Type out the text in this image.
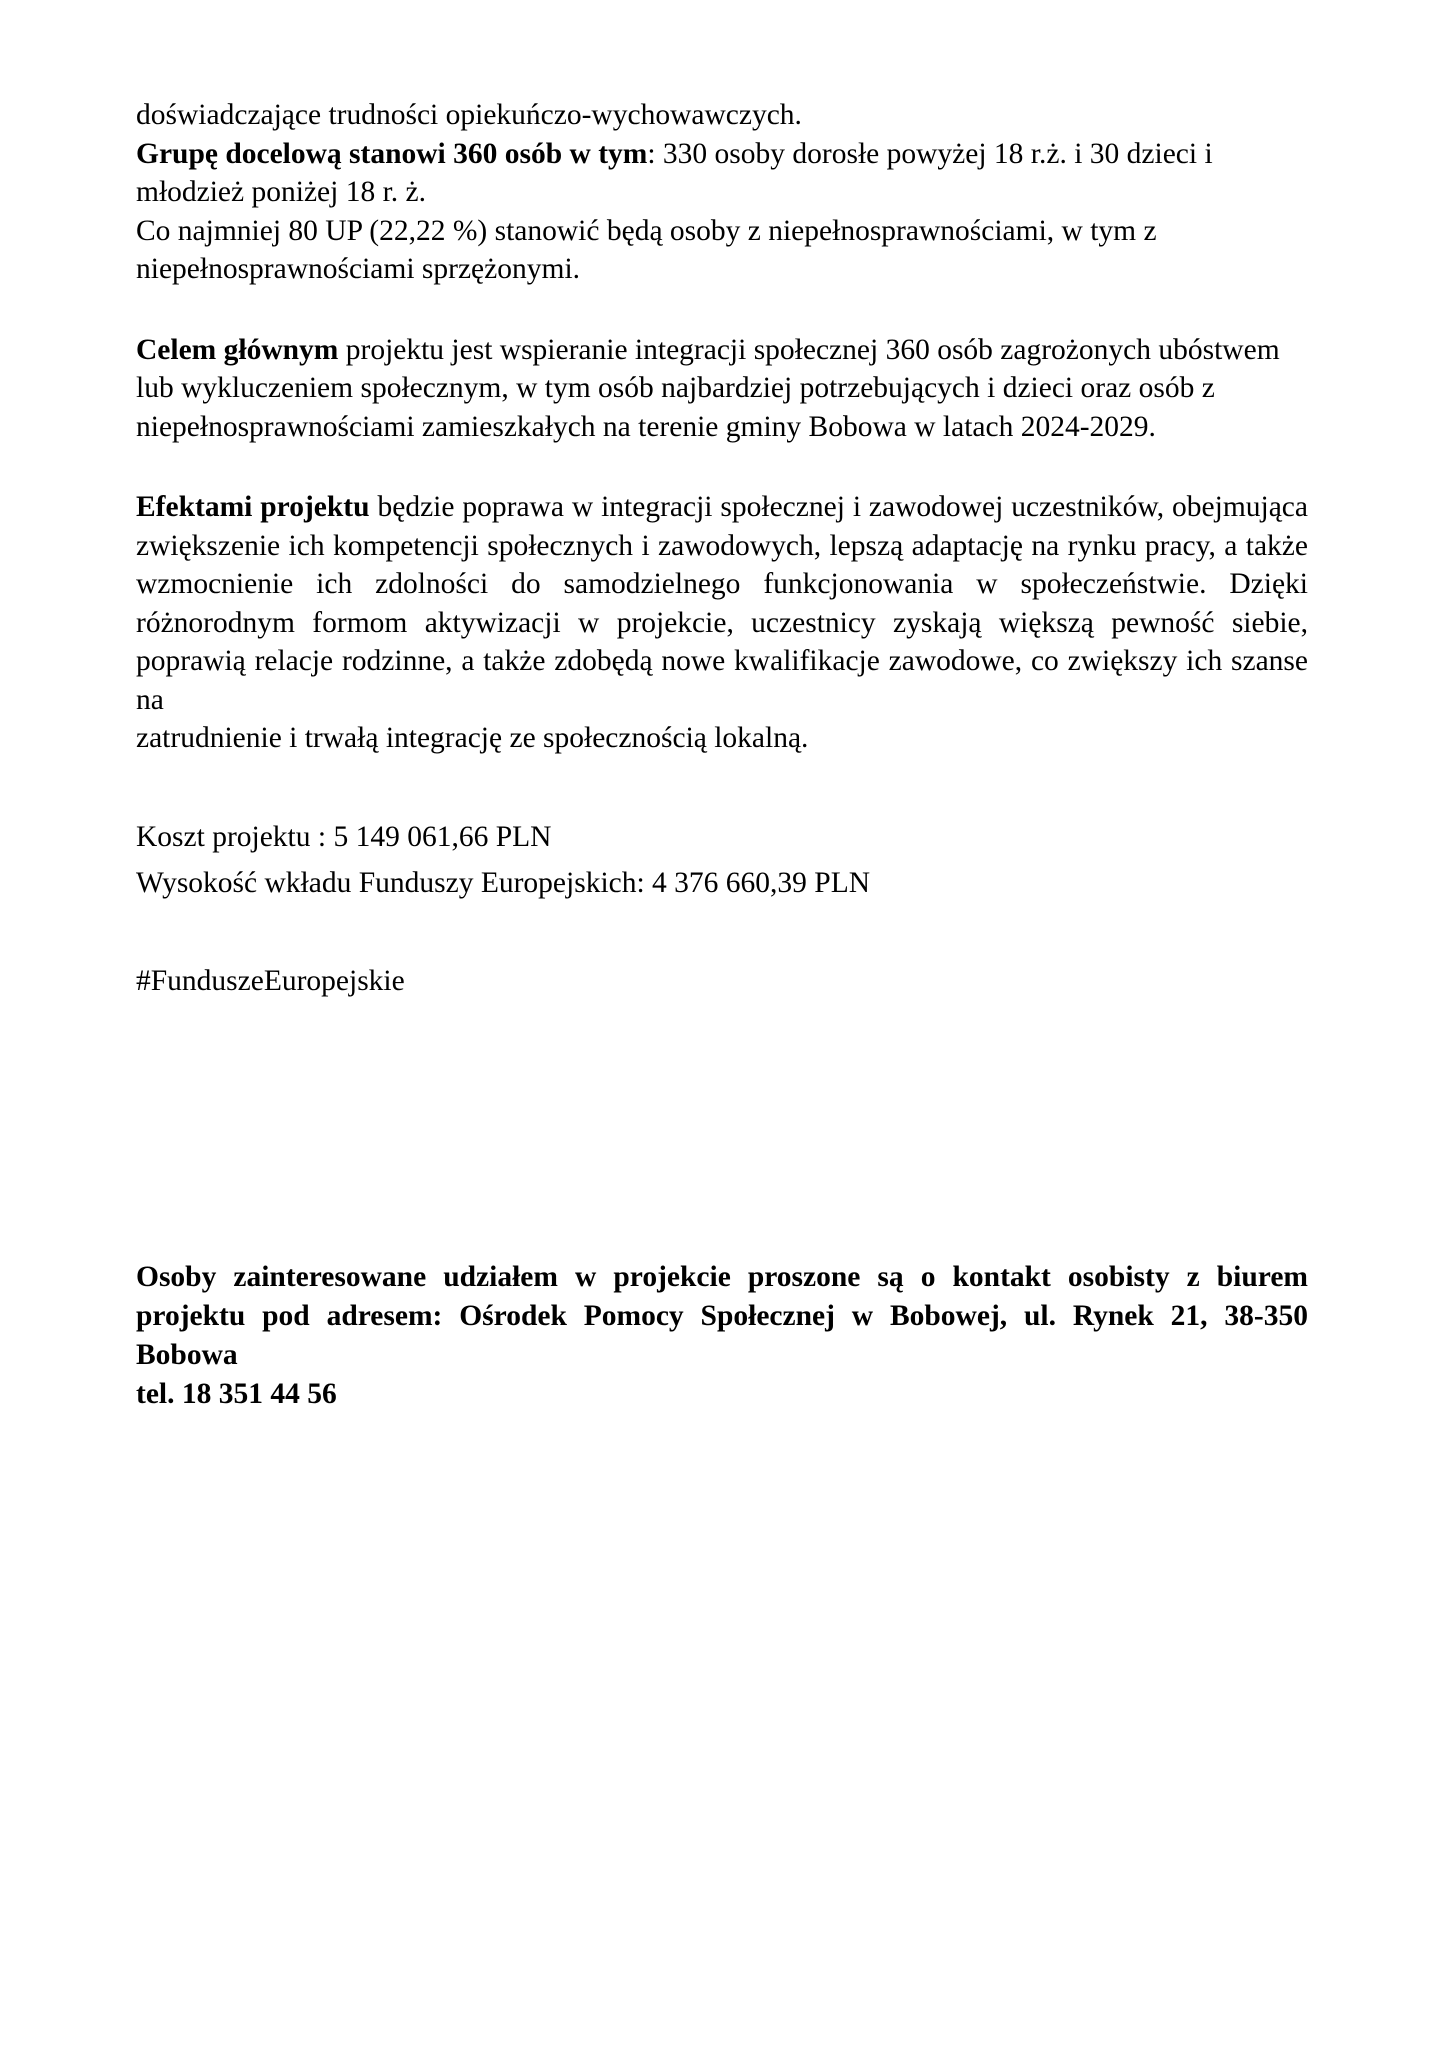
doświadczające trudności opiekuńczo-wychowawczych.
Grupę docelową stanowi 360 osób w tym: 330 osoby dorosłe powyżej 18 r.ż. i 30 dzieci i
młodzież poniżej 18 r. ż.
Co najmniej 80 UP (22,22 %) stanowić będą osoby z niepełnosprawnościami, w tym z
niepełnosprawnościami sprzężonymi.

Celem głównym projektu jest wspieranie integracji społecznej 360 osób zagrożonych ubóstwem
lub wykluczeniem społecznym, w tym osób najbardziej potrzebujących i dzieci oraz osób z
niepełnosprawnościami zamieszkałych na terenie gminy Bobowa w latach 2024-2029.

Efektami projektu będzie poprawa w integracji społecznej i zawodowej uczestników, obejmująca zwiększenie ich kompetencji społecznych i zawodowych, lepszą adaptację na rynku pracy, a także wzmocnienie ich zdolności do samodzielnego funkcjonowania w społeczeństwie. Dzięki różnorodnym formom aktywizacji w projekcie, uczestnicy zyskają większą pewność siebie, poprawią relacje rodzinne, a także zdobędą nowe kwalifikacje zawodowe, co zwiększy ich szanse na
zatrudnienie i trwałą integrację ze społecznością lokalną.

Koszt projektu : 5 149 061,66 PLN

Wysokość wkładu Funduszy Europejskich: 4 376 660,39 PLN

#FunduszeEuropejskie

Osoby zainteresowane udziałem w projekcie proszone są o kontakt osobisty z biurem projektu pod adresem: Ośrodek Pomocy Społecznej w Bobowej, ul. Rynek 21, 38-350 Bobowa
tel. 18 351 44 56
